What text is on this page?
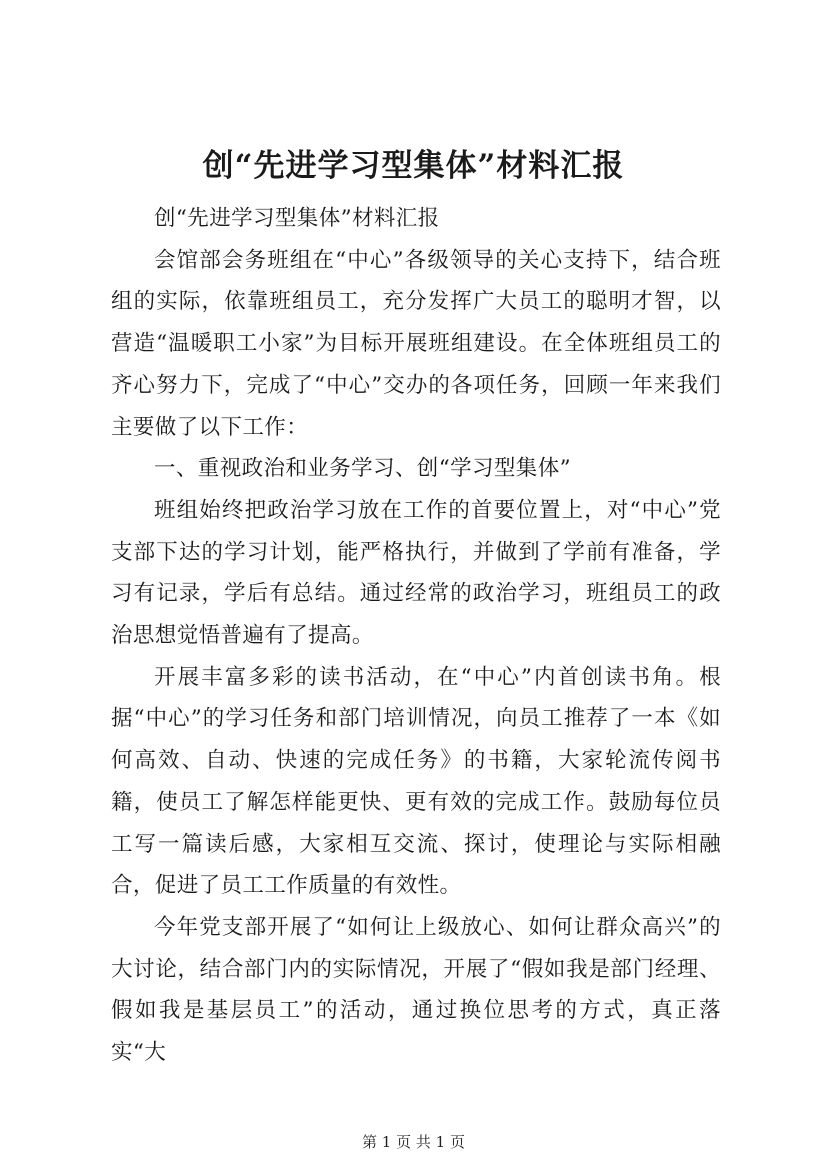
创“先进学习型集体”材料汇报

创“先进学习型集体”材料汇报

会馆部会务班组在“中心”各级领导的关心支持下，结合班组的实际，依靠班组员工，充分发挥广大员工的聪明才智，以营造“温暖职工小家”为目标开展班组建设。在全体班组员工的齐心努力下，完成了“中心”交办的各项任务，回顾一年来我们主要做了以下工作：

一、重视政治和业务学习、创“学习型集体”

班组始终把政治学习放在工作的首要位置上，对“中心”党支部下达的学习计划，能严格执行，并做到了学前有准备，学习有记录，学后有总结。通过经常的政治学习，班组员工的政治思想觉悟普遍有了提高。

开展丰富多彩的读书活动，在“中心”内首创读书角。根据“中心”的学习任务和部门培训情况，向员工推荐了一本《如何高效、自动、快速的完成任务》的书籍，大家轮流传阅书籍，使员工了解怎样能更快、更有效的完成工作。鼓励每位员工写一篇读后感，大家相互交流、探讨，使理论与实际相融合，促进了员工工作质量的有效性。

今年党支部开展了“如何让上级放心、如何让群众高兴”的大讨论，结合部门内的实际情况，开展了“假如我是部门经理、假如我是基层员工”的活动，通过换位思考的方式，真正落实“大

第 1 页 共 1 页
